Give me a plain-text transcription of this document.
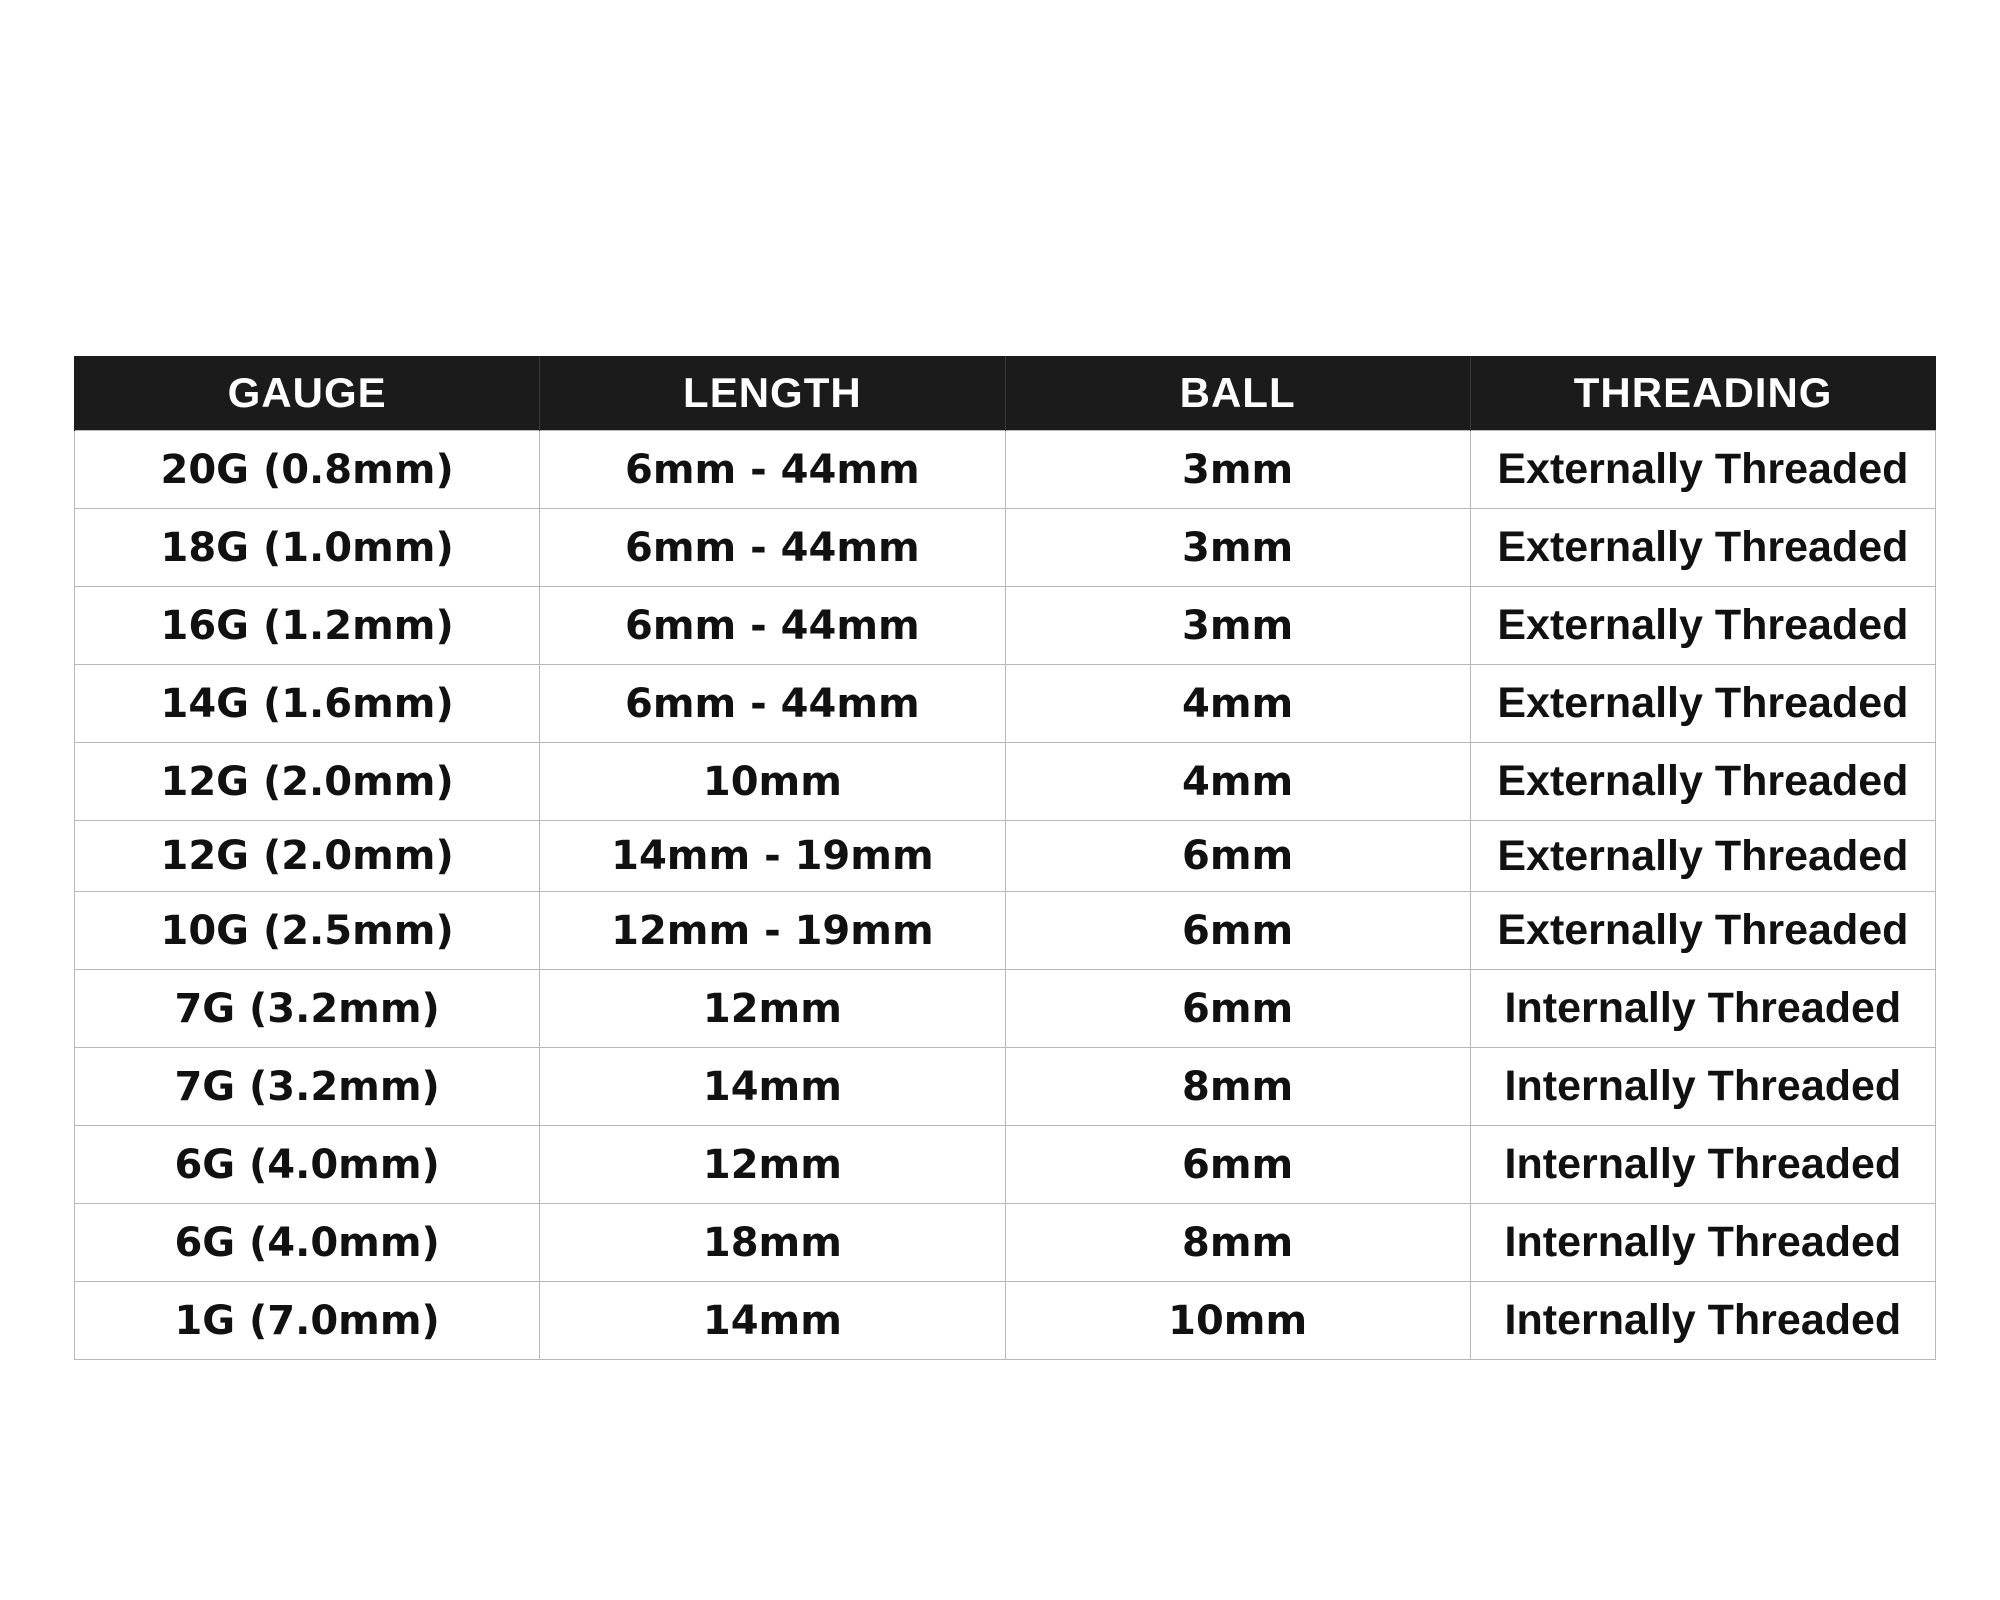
GAUGE	LENGTH	BALL	THREADING
20G (0.8mm)	6mm - 44mm	3mm	Externally Threaded
18G (1.0mm)	6mm - 44mm	3mm	Externally Threaded
16G (1.2mm)	6mm - 44mm	3mm	Externally Threaded
14G (1.6mm)	6mm - 44mm	4mm	Externally Threaded
12G (2.0mm)	10mm	4mm	Externally Threaded
12G (2.0mm)	14mm - 19mm	6mm	Externally Threaded
10G (2.5mm)	12mm - 19mm	6mm	Externally Threaded
7G (3.2mm)	12mm	6mm	Internally Threaded
7G (3.2mm)	14mm	8mm	Internally Threaded
6G (4.0mm)	12mm	6mm	Internally Threaded
6G (4.0mm)	18mm	8mm	Internally Threaded
1G (7.0mm)	14mm	10mm	Internally Threaded
